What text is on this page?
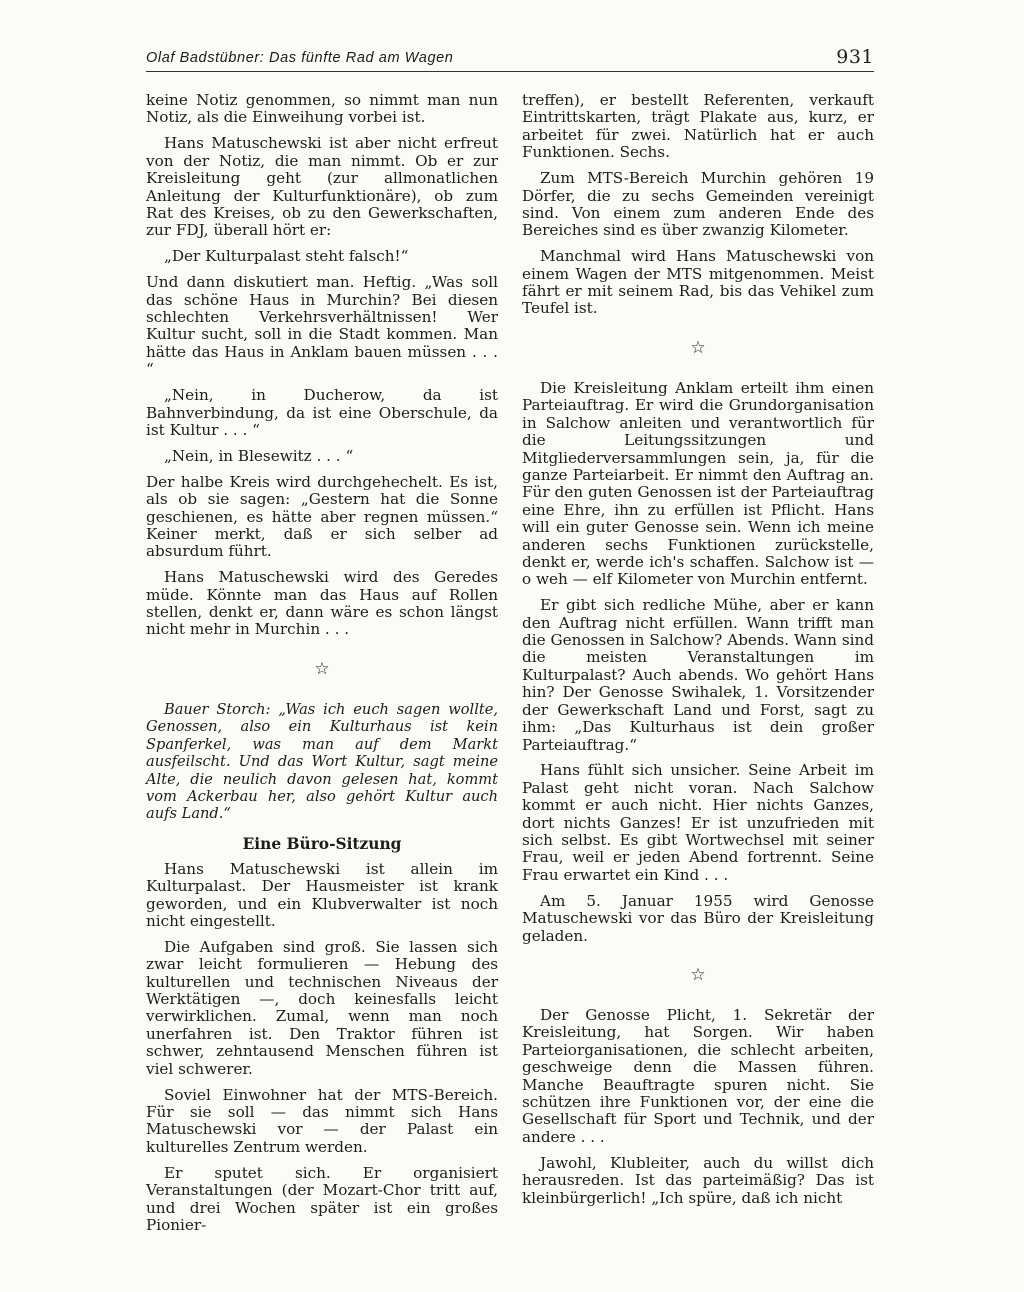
Olaf Badstübner: Das fünfte Rad am Wagen	931

keine Notiz genommen, so nimmt man nun Notiz, als die Einweihung vorbei ist.

Hans Matuschewski ist aber nicht erfreut von der Notiz, die man nimmt. Ob er zur Kreisleitung geht (zur allmonatlichen Anleitung der Kulturfunktionäre), ob zum Rat des Kreises, ob zu den Gewerkschaften, zur FDJ, überall hört er:

„Der Kulturpalast steht falsch!“

Und dann diskutiert man. Heftig. „Was soll das schöne Haus in Murchin? Bei diesen schlechten Verkehrsverhältnissen! Wer Kultur sucht, soll in die Stadt kommen. Man hätte das Haus in Anklam bauen müssen . . . “

„Nein, in Ducherow, da ist Bahnverbindung, da ist eine Oberschule, da ist Kultur . . . “

„Nein, in Blesewitz . . . “

Der halbe Kreis wird durchgehechelt. Es ist, als ob sie sagen: „Gestern hat die Sonne geschienen, es hätte aber regnen müssen.“ Keiner merkt, daß er sich selber ad absurdum führt.

Hans Matuschewski wird des Geredes müde. Könnte man das Haus auf Rollen stellen, denkt er, dann wäre es schon längst nicht mehr in Murchin . . .

☆

Bauer Storch: „Was ich euch sagen wollte, Genossen, also ein Kulturhaus ist kein Spanferkel, was man auf dem Markt ausfeilscht. Und das Wort Kultur, sagt meine Alte, die neulich davon gelesen hat, kommt vom Ackerbau her, also gehört Kultur auch aufs Land.“

Eine Büro-Sitzung

Hans Matuschewski ist allein im Kulturpalast. Der Hausmeister ist krank geworden, und ein Klubverwalter ist noch nicht eingestellt.

Die Aufgaben sind groß. Sie lassen sich zwar leicht formulieren — Hebung des kulturellen und technischen Niveaus der Werktätigen —, doch keinesfalls leicht verwirklichen. Zumal, wenn man noch unerfahren ist. Den Traktor führen ist schwer, zehntausend Menschen führen ist viel schwerer.

Soviel Einwohner hat der MTS-Bereich. Für sie soll — das nimmt sich Hans Matuschewski vor — der Palast ein kulturelles Zentrum werden.

Er sputet sich. Er organisiert Veranstaltungen (der Mozart-Chor tritt auf, und drei Wochen später ist ein großes Pionier-

treffen), er bestellt Referenten, verkauft Eintrittskarten, trägt Plakate aus, kurz, er arbeitet für zwei. Natürlich hat er auch Funktionen. Sechs.

Zum MTS-Bereich Murchin gehören 19 Dörfer, die zu sechs Gemeinden vereinigt sind. Von einem zum anderen Ende des Bereiches sind es über zwanzig Kilometer.

Manchmal wird Hans Matuschewski von einem Wagen der MTS mitgenommen. Meist fährt er mit seinem Rad, bis das Vehikel zum Teufel ist.

☆

Die Kreisleitung Anklam erteilt ihm einen Parteiauftrag. Er wird die Grundorganisation in Salchow anleiten und verantwortlich für die Leitungssitzungen und Mitgliederversammlungen sein, ja, für die ganze Parteiarbeit. Er nimmt den Auftrag an. Für den guten Genossen ist der Parteiauftrag eine Ehre, ihn zu erfüllen ist Pflicht. Hans will ein guter Genosse sein. Wenn ich meine anderen sechs Funktionen zurückstelle, denkt er, werde ich's schaffen. Salchow ist — o weh — elf Kilometer von Murchin entfernt.

Er gibt sich redliche Mühe, aber er kann den Auftrag nicht erfüllen. Wann trifft man die Genossen in Salchow? Abends. Wann sind die meisten Veranstaltungen im Kulturpalast? Auch abends. Wo gehört Hans hin? Der Genosse Swihalek, 1. Vorsitzender der Gewerkschaft Land und Forst, sagt zu ihm: „Das Kulturhaus ist dein großer Parteiauftrag.“

Hans fühlt sich unsicher. Seine Arbeit im Palast geht nicht voran. Nach Salchow kommt er auch nicht. Hier nichts Ganzes, dort nichts Ganzes! Er ist unzufrieden mit sich selbst. Es gibt Wortwechsel mit seiner Frau, weil er jeden Abend fortrennt. Seine Frau erwartet ein Kind . . .

Am 5. Januar 1955 wird Genosse Matuschewski vor das Büro der Kreisleitung geladen.

☆

Der Genosse Plicht, 1. Sekretär der Kreisleitung, hat Sorgen. Wir haben Parteiorganisationen, die schlecht arbeiten, geschweige denn die Massen führen. Manche Beauftragte spuren nicht. Sie schützen ihre Funktionen vor, der eine die Gesellschaft für Sport und Technik, und der andere . . .

Jawohl, Klubleiter, auch du willst dich herausreden. Ist das parteimäßig? Das ist kleinbürgerlich! „Ich spüre, daß ich nicht
